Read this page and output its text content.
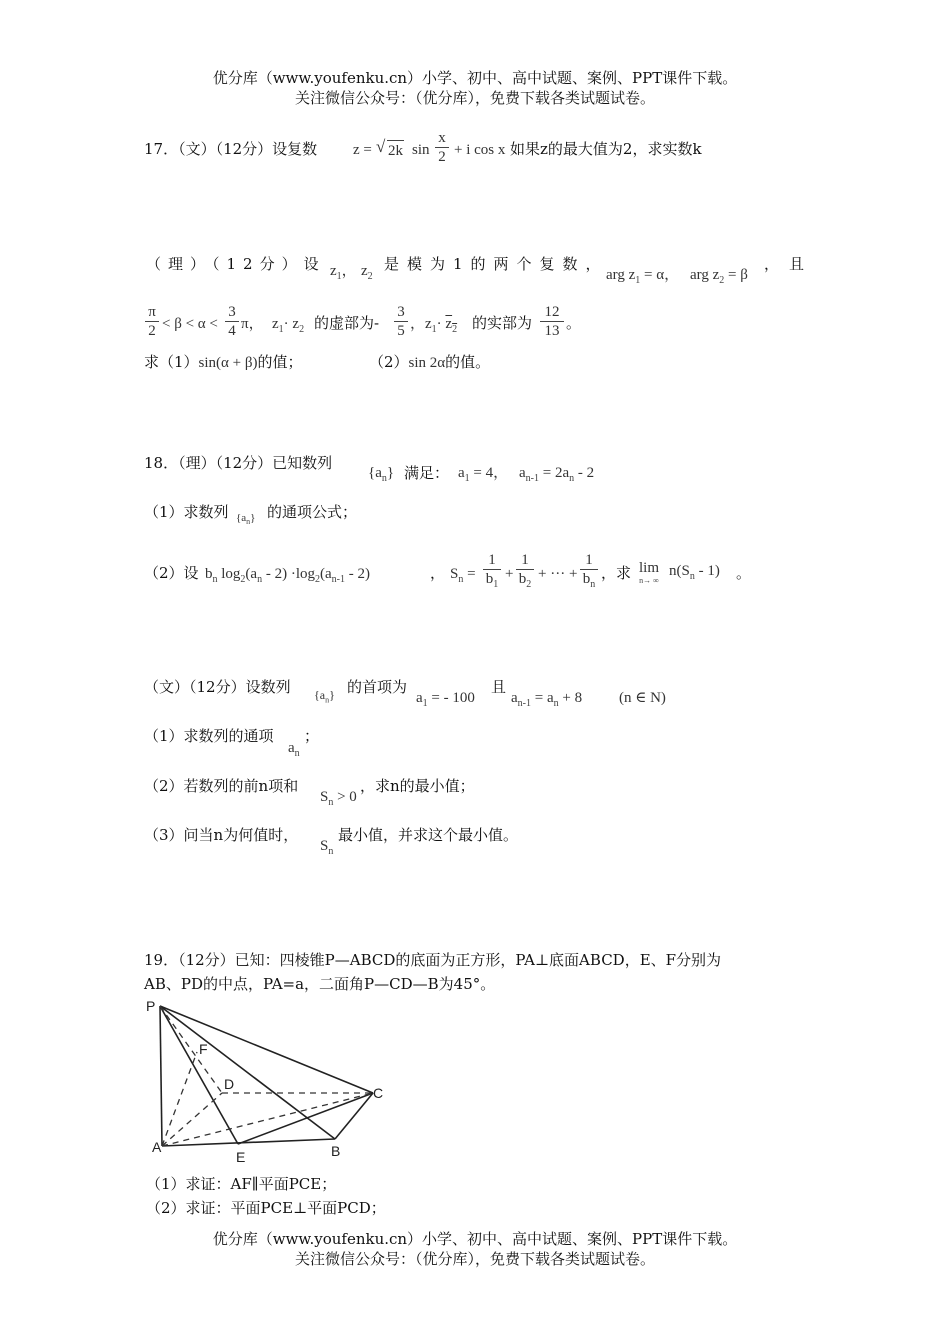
优分库（www.youfenku.cn）小学、初中、高中试题、案例、PPT课件下载。
关注微信公众号：（优分库），免费下载各类试题试卷。
17．（文）（12分）设复数 z = √ 2k sin
x
2 + i cos x 如果z的最大值为2，求实数k
（理）（12分）设 $z_1$， $z_2$
是模为1的两个复数，
arg $z_1 = \alpha$， arg $z_2 = \beta$
，且
π
2 < β < α <
3
4 π， $z_1\cdot z_2$ 的虚部为-
3
5 ， $z_1\cdot z_2$ 的实部为
12
13 。
求（1）sin(α + β)的值；	（2）sin 2α的值。
18．（理）（12分）已知数列
$\{a_n\}$ 满足： $a_1 = 4$， $a_{n-1} = 2a_n - 2$
（1）求数列 $\{a_n\}$ 的通项公式；
（2）设 $b_n$ $\log_2(a_n - 2) \cdot\log_2(a_{n-1} - 2)$	， $S_n$ =
1
$b_1$
+
1
$b_2$
+ ··· +
1
$b_n$
，求 lim
n→ ∞
$n(S_n - 1)$ 。
（文）（12分）设数列 $\{a_n\}$ 的首项为
$a_1$ = - 100
且
$a_{n-1} = a_n + 8$ (n ∈ N)
（1）求数列的通项
$a_n$
；
（2）若数列的前n项和
$S_n > 0$
，求n的最小值；
（3）问当n为何值时，
$S_n$
最小值，并求这个最小值。
19．（12分）已知：四棱锥P—ABCD的底面为正方形，PA⊥底面ABCD，E、F分别为
AB、PD的中点，PA=a，二面角P—CD—B为45°。
P
F
D
C
A
E	B
（1）求证：AF∥平面PCE；
（2）求证：平面PCE⊥平面PCD；
优分库（www.youfenku.cn）小学、初中、高中试题、案例、PPT课件下载。
关注微信公众号：（优分库），免费下载各类试题试卷。
